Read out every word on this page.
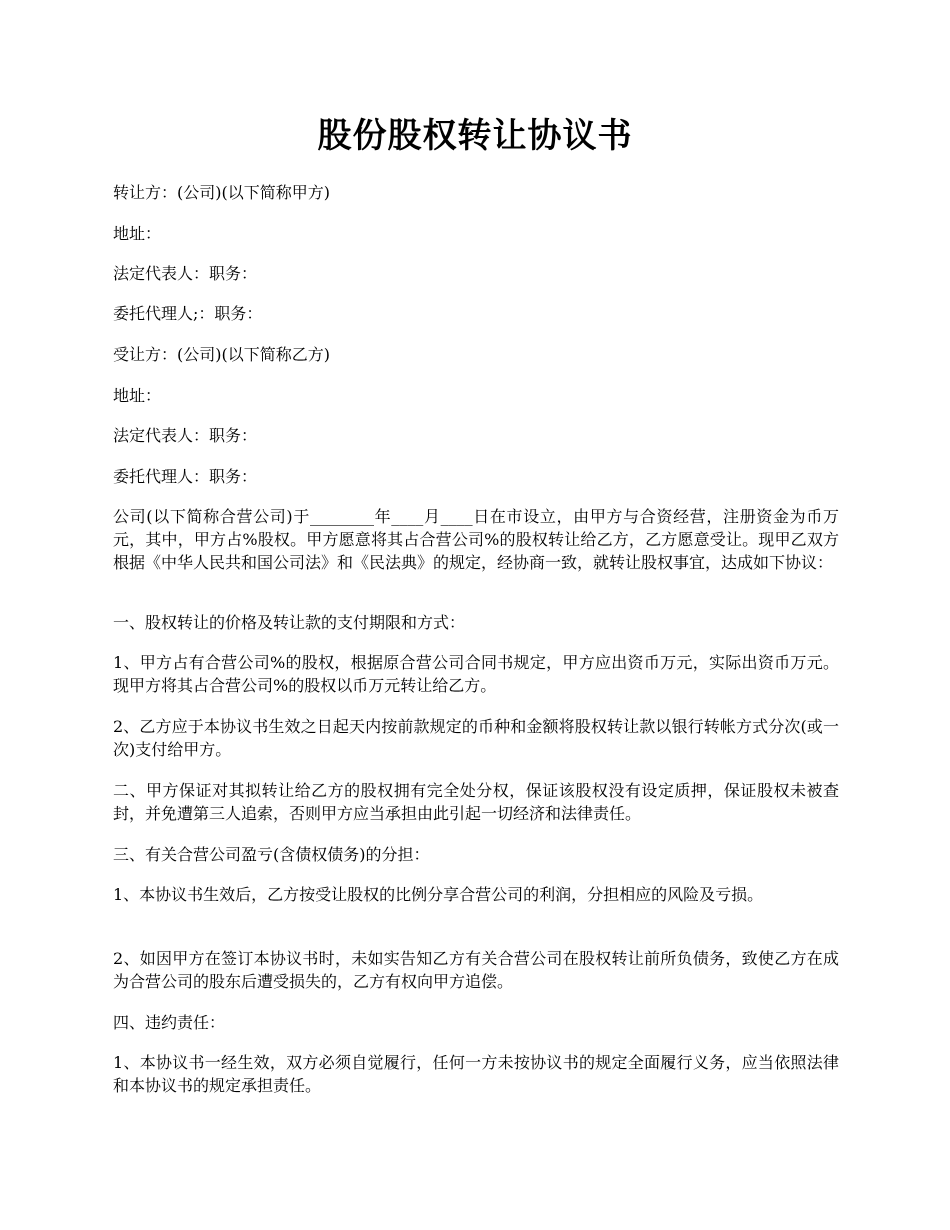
股份股权转让协议书

转让方：(公司)(以下简称甲方)

地址：

法定代表人：职务：

委托代理人;：职务：

受让方：(公司)(以下简称乙方)

地址：

法定代表人：职务：

委托代理人：职务：

公司(以下简称合营公司)于________年____月____日在市设立，由甲方与合资经营，注册资金为币万元，其中，甲方占%股权。甲方愿意将其占合营公司%的股权转让给乙方，乙方愿意受让。现甲乙双方根据《中华人民共和国公司法》和《民法典》的规定，经协商一致，就转让股权事宜，达成如下协议：

一、股权转让的价格及转让款的支付期限和方式：

1、甲方占有合营公司%的股权，根据原合营公司合同书规定，甲方应出资币万元，实际出资币万元。现甲方将其占合营公司%的股权以币万元转让给乙方。

2、乙方应于本协议书生效之日起天内按前款规定的币种和金额将股权转让款以银行转帐方式分次(或一次)支付给甲方。

二、甲方保证对其拟转让给乙方的股权拥有完全处分权，保证该股权没有设定质押，保证股权未被查封，并免遭第三人追索，否则甲方应当承担由此引起一切经济和法律责任。

三、有关合营公司盈亏(含债权债务)的分担：

1、本协议书生效后，乙方按受让股权的比例分享合营公司的利润，分担相应的风险及亏损。

2、如因甲方在签订本协议书时，未如实告知乙方有关合营公司在股权转让前所负债务，致使乙方在成为合营公司的股东后遭受损失的，乙方有权向甲方追偿。

四、违约责任：

1、本协议书一经生效，双方必须自觉履行，任何一方未按协议书的规定全面履行义务，应当依照法律和本协议书的规定承担责任。
